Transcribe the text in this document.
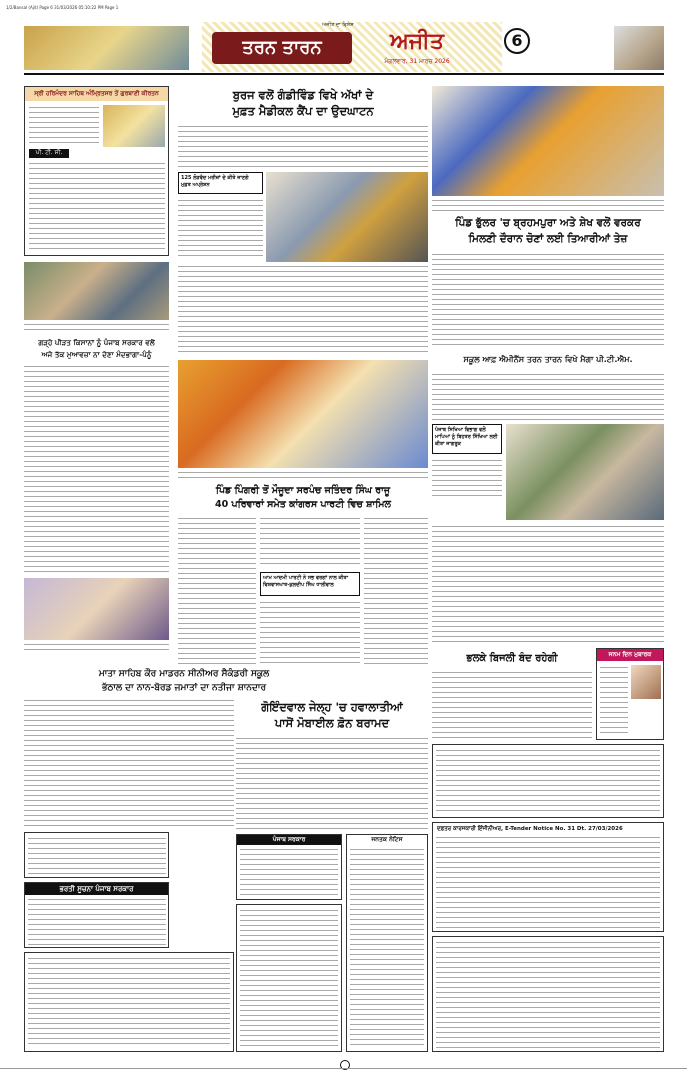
1/2/Bansal (Ajit) Page 6 31/03/2026 05:10:22 PM Page 1
ਅਜੀਤ ਦਾ ਵਿਸ਼ੇਸ਼
ਤਰਨ ਤਾਰਨ	ਅਜੀਤ
ਮੰਗਲਵਾਰ, 31 ਮਾਰਚ 2026
6
ਸ੍ਰੀ ਹਰਿਮੰਦਰ ਸਾਹਿਬ ਅੰਮ੍ਰਿਤਸਰ ਤੋਂ ਗੁਰਬਾਣੀ ਕੀਰਤਨ
ਪੀ. ਟੀ. ਸੀ.
ਗੜ੍ਹੇ ਪੀੜਤ ਕਿਸਾਨਾਂ ਨੂੰ ਪੰਜਾਬ ਸਰਕਾਰ ਵਲੋਂ
ਅਜੇ ਤੱਕ ਮੁਆਵਜ਼ਾ ਨਾ ਦੇਣਾ ਮੰਦਭਾਗਾ-ਪੰਨੂੰ
ਮਾਤਾ ਸਾਹਿਬ ਕੌਰ ਮਾਡਰਨ ਸੀਨੀਅਰ ਸੈਕੰਡਰੀ ਸਕੂਲ
ਭੱਠਾਲ ਦਾ ਨਾਨ-ਬੋਰਡ ਜਮਾਤਾਂ ਦਾ ਨਤੀਜਾ ਸ਼ਾਨਦਾਰ
ਭਰਤੀ ਸੂਚਨਾ ਪੰਜਾਬ ਸਰਕਾਰ
ਬੁਰਜ ਵਲੋਂ ਗੰਡੀਵਿੰਡ ਵਿਖੇ ਅੱਖਾਂ ਦੇ
ਮੁਫ਼ਤ ਮੈਡੀਕਲ ਕੈਂਪ ਦਾ ਉਦਘਾਟਨ
125 ਲੋੜਵੰਦ ਮਰੀਜ਼ਾਂ ਦੇ ਕੀਤੇ ਜਾਣਗੇ ਮੁਫ਼ਤ ਅਪ੍ਰੇਸ਼ਨ
ਪਿੰਡ ਪਿੰਗਰੀ ਤੋਂ ਮੌਜੂਦਾ ਸਰਪੰਚ ਜਤਿੰਦਰ ਸਿੰਘ ਰਾਜੂ
40 ਪਰਿਵਾਰਾਂ ਸਮੇਤ ਕਾਂਗਰਸ ਪਾਰਟੀ ਵਿਚ ਸ਼ਾਮਿਲ
ਆਮ ਆਦਮੀ ਪਾਰਟੀ ਨੇ ਸਭ ਵਰਗਾਂ ਨਾਲ ਕੀਤਾ ਵਿਸ਼ਵਾਸਘਾਤ-ਕੁਲਦੀਪ ਸਿੰਘ ਧਾਲੀਵਾਲ
ਗੋਇੰਦਵਾਲ ਜੇਲ੍ਹ 'ਚ ਹਵਾਲਾਤੀਆਂ
ਪਾਸੋਂ ਮੋਬਾਈਲ ਫ਼ੋਨ ਬਰਾਮਦ
ਪੰਜਾਬ ਸਰਕਾਰ	ਜਨਤਕ ਨੋਟਿਸ
ਪਿੰਡ ਭੁੱਲਰ 'ਚ ਬ੍ਰਹਮਪੁਰਾ ਅਤੇ ਸ਼ੇਖ ਵਲੋਂ ਵਰਕਰ
ਮਿਲਣੀ ਦੌਰਾਨ ਚੋਣਾਂ ਲਈ ਤਿਆਰੀਆਂ ਤੇਜ਼
ਸਕੂਲ ਆਫ਼ ਐਮੀਨੈਂਸ ਤਰਨ ਤਾਰਨ ਵਿਖੇ ਮੈਗਾ ਪੀ.ਟੀ.ਐਮ.
ਪੰਜਾਬ ਸਿਖਿਆ ਵਿਭਾਗ ਵਲੋਂ ਮਾਪਿਆਂ ਨੂੰ ਬਿਹਤਰ ਸਿੱਖਿਆ ਲਈ ਕੀਤਾ ਜਾਗਰੂਕ
ਭਲਕੇ ਬਿਜਲੀ ਬੰਦ ਰਹੇਗੀ	ਜਨਮ ਦਿਨ ਮੁਬਾਰਕ
ਦਫ਼ਤਰ ਕਾਰਜਕਾਰੀ ਇੰਜੀਨੀਅਰ, E-Tender Notice No. 31 Dt. 27/03/2026
